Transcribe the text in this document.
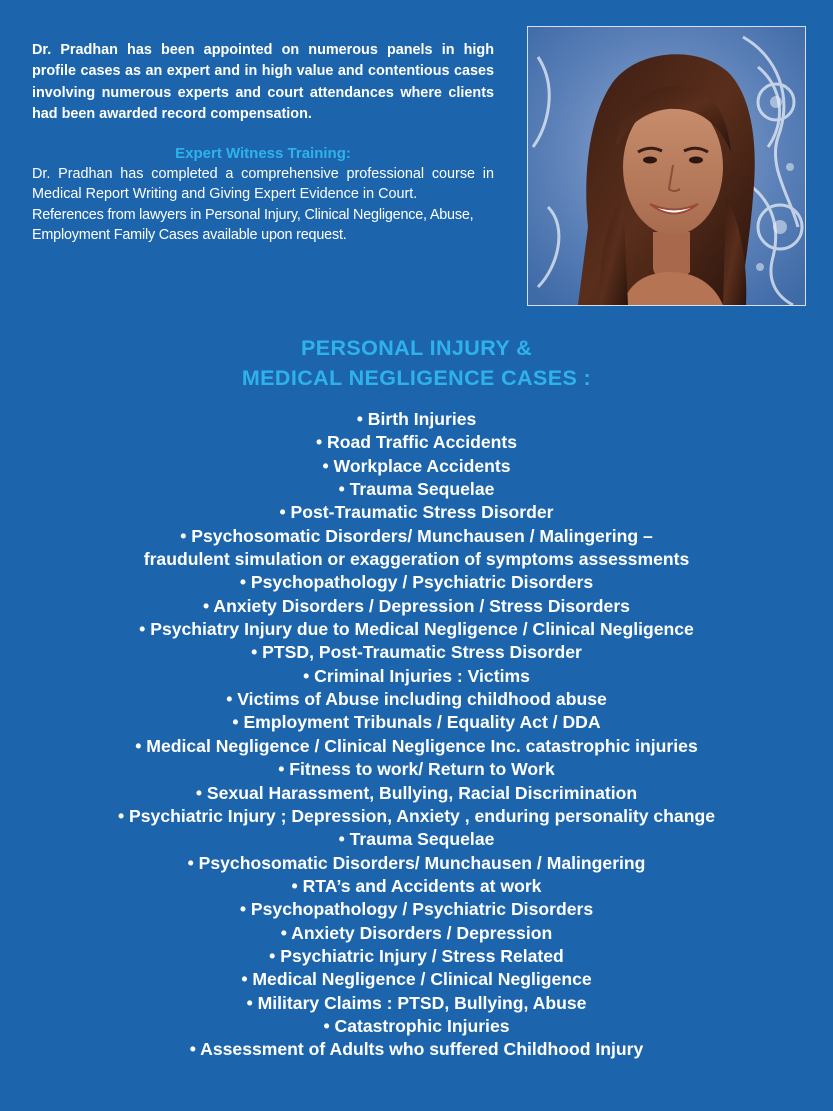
Dr. Pradhan has been appointed on numerous panels in high profile cases as an expert and in high value and contentious cases involving numerous experts and court attendances where clients had been awarded record compensation.

Expert Witness Training:

Dr. Pradhan has completed a comprehensive professional course in Medical Report Writing and Giving Expert Evidence in Court.

References from lawyers in Personal Injury, Clinical Negligence, Abuse, Employment Family Cases available upon request.

PERSONAL INJURY &
MEDICAL NEGLIGENCE CASES :
• Birth Injuries
• Road Traffic Accidents
• Workplace Accidents
• Trauma Sequelae
• Post-Traumatic Stress Disorder
• Psychosomatic Disorders/ Munchausen / Malingering –
fraudulent simulation or exaggeration of symptoms assessments
• Psychopathology / Psychiatric Disorders
• Anxiety Disorders / Depression / Stress Disorders
• Psychiatry Injury due to Medical Negligence / Clinical Negligence
• PTSD, Post-Traumatic Stress Disorder
• Criminal Injuries : Victims
• Victims of Abuse including childhood abuse
• Employment Tribunals / Equality Act / DDA
• Medical Negligence / Clinical Negligence Inc. catastrophic injuries
• Fitness to work/ Return to Work
• Sexual Harassment, Bullying, Racial Discrimination
• Psychiatric Injury ; Depression, Anxiety , enduring personality change
• Trauma Sequelae
• Psychosomatic Disorders/ Munchausen / Malingering
• RTA’s and Accidents at work
• Psychopathology / Psychiatric Disorders
• Anxiety Disorders / Depression
• Psychiatric Injury / Stress Related
• Medical Negligence / Clinical Negligence
• Military Claims : PTSD, Bullying, Abuse
• Catastrophic Injuries
• Assessment of Adults who suffered Childhood Injury
